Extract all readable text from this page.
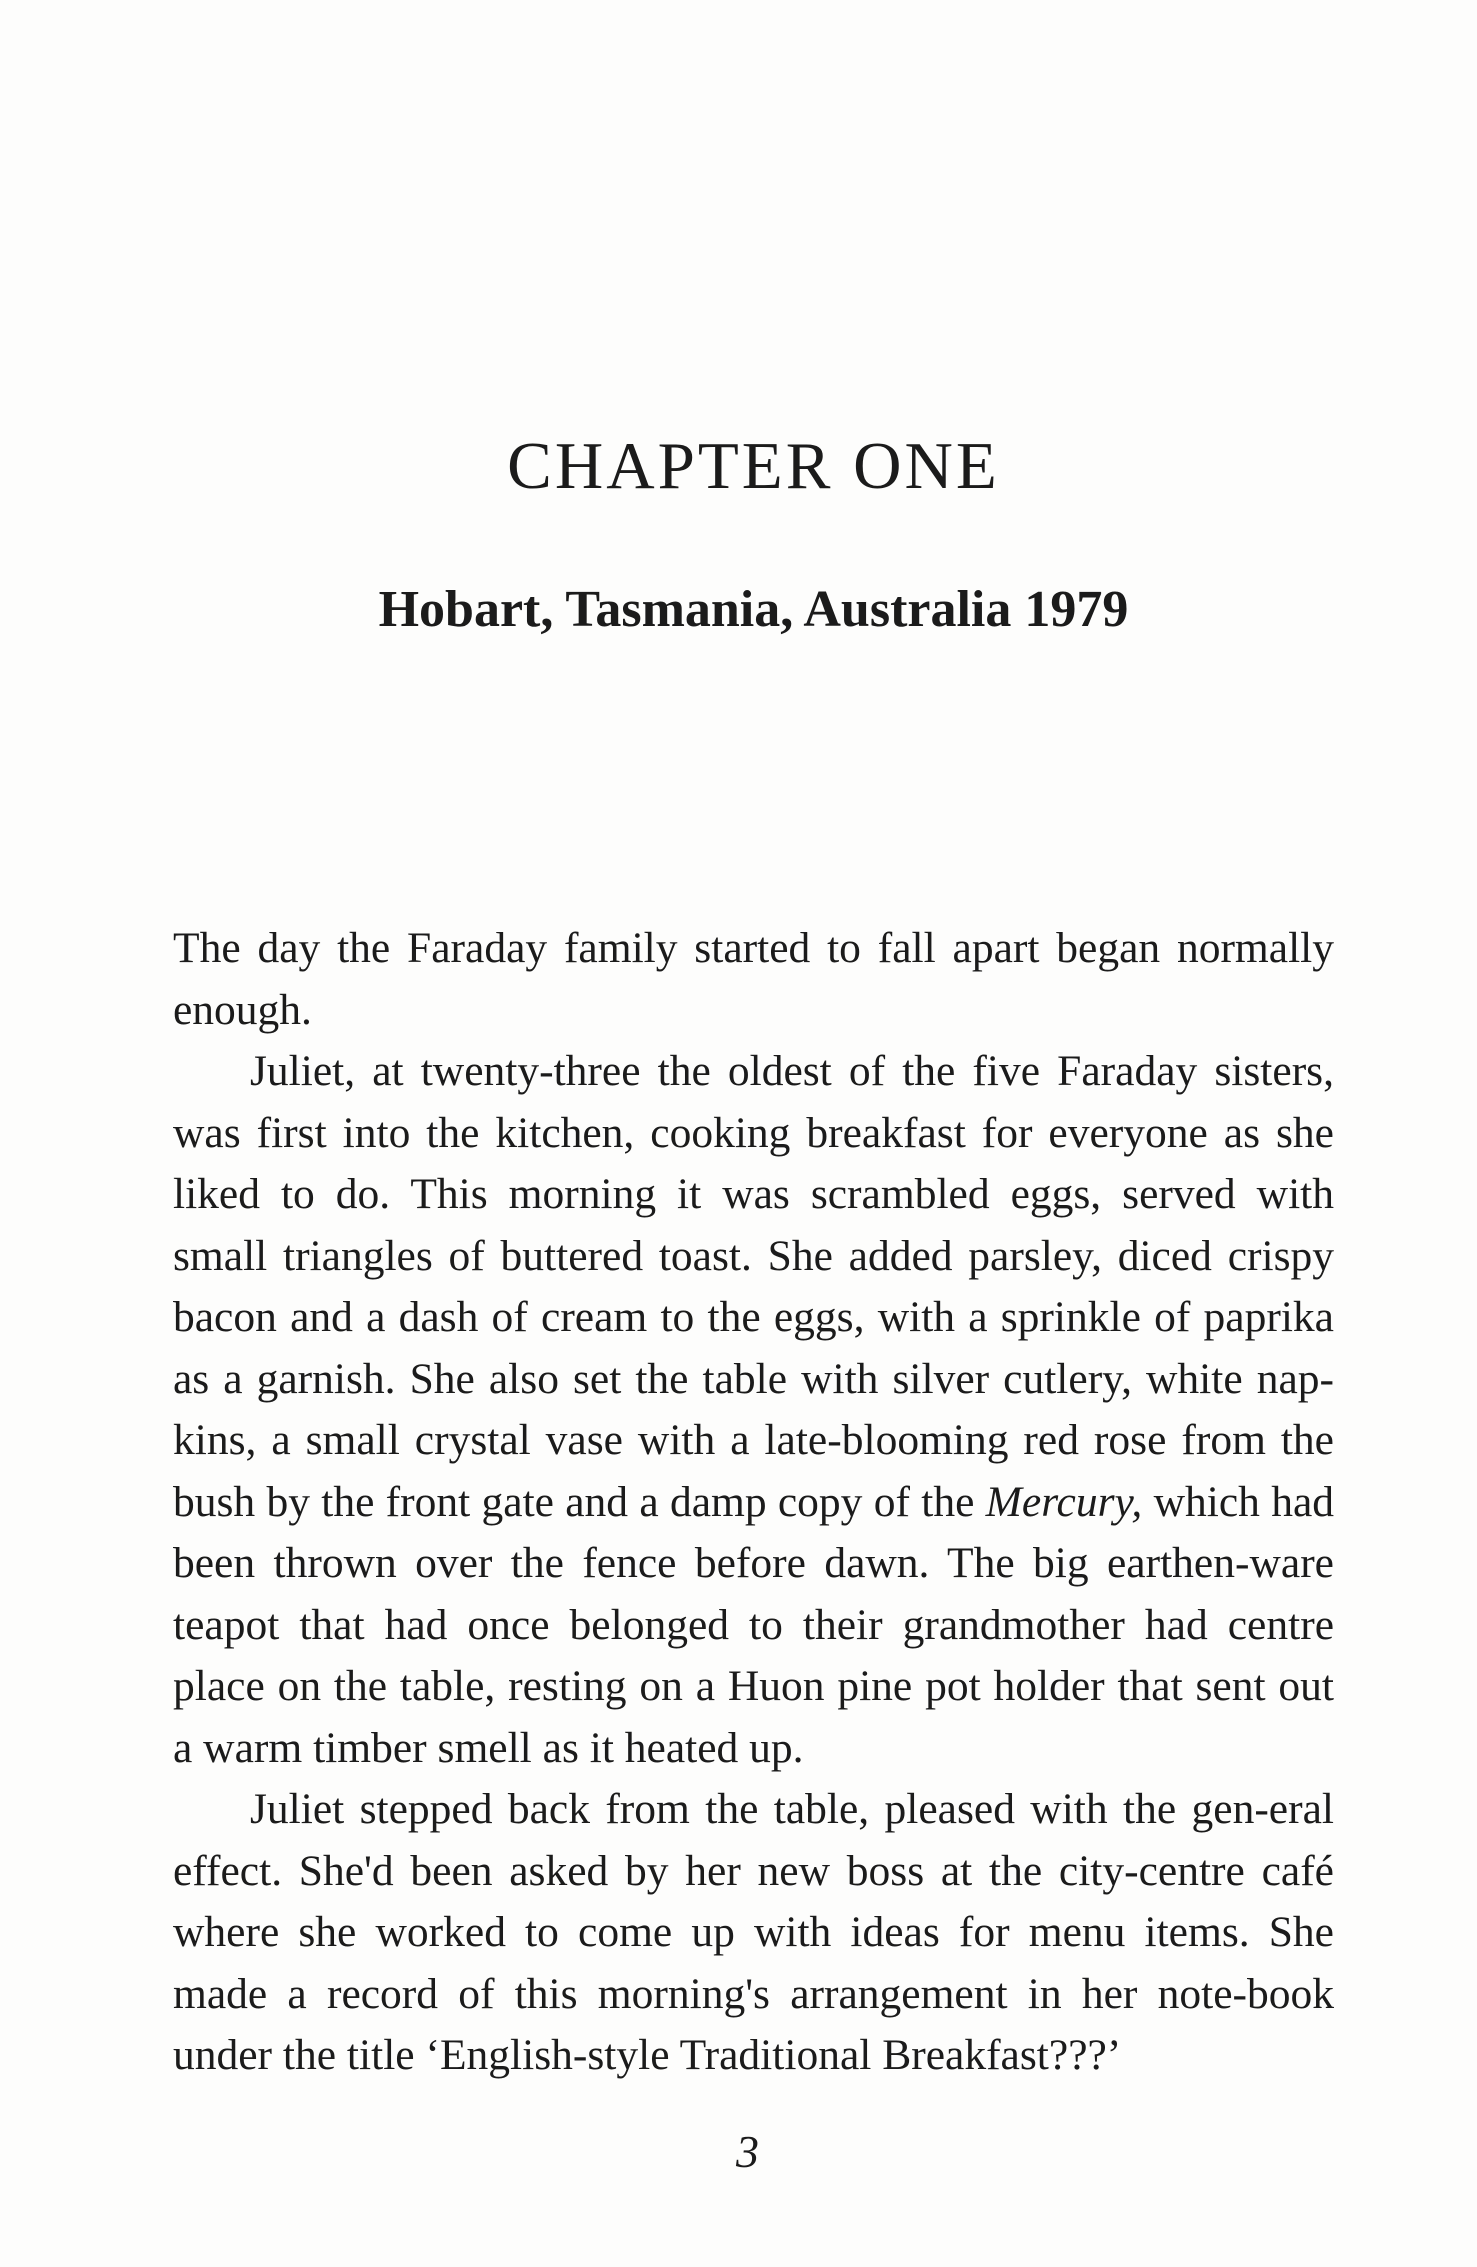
CHAPTER ONE
Hobart, Tasmania, Australia 1979

The day the Faraday family started to fall apart began normally enough.

Juliet, at twenty-three the oldest of the five Faraday sisters, was first into the kitchen, cooking breakfast for everyone as she liked to do. This morning it was scrambled eggs, served with small triangles of buttered toast. She added parsley, diced crispy bacon and a dash of cream to the eggs, with a sprinkle of paprika as a garnish. She also set the table with silver cutlery, white nap-kins, a small crystal vase with a late-blooming red rose from the bush by the front gate and a damp copy of the Mercury, which had been thrown over the fence before dawn. The big earthen-ware teapot that had once belonged to their grandmother had centre place on the table, resting on a Huon pine pot holder that sent out a warm timber smell as it heated up.

Juliet stepped back from the table, pleased with the gen-eral effect. She'd been asked by her new boss at the city-centre café where she worked to come up with ideas for menu items. She made a record of this morning's arrangement in her note-book under the title ‘English-style Traditional Breakfast???’

3
